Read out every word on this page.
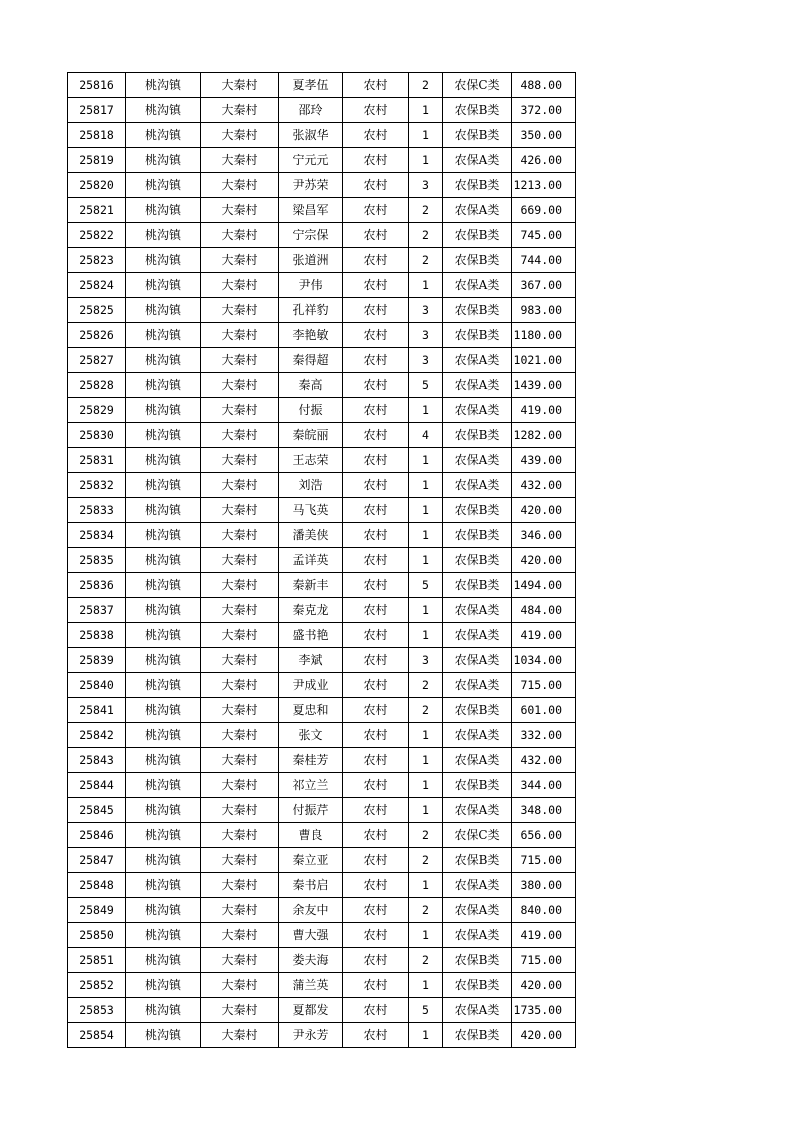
25816	桃沟镇	大秦村	夏孝伍	农村	2	农保C类	488.00
25817	桃沟镇	大秦村	邵玲	农村	1	农保B类	372.00
25818	桃沟镇	大秦村	张淑华	农村	1	农保B类	350.00
25819	桃沟镇	大秦村	宁元元	农村	1	农保A类	426.00
25820	桃沟镇	大秦村	尹苏荣	农村	3	农保B类	1213.00
25821	桃沟镇	大秦村	梁昌军	农村	2	农保A类	669.00
25822	桃沟镇	大秦村	宁宗保	农村	2	农保B类	745.00
25823	桃沟镇	大秦村	张道洲	农村	2	农保B类	744.00
25824	桃沟镇	大秦村	尹伟	农村	1	农保A类	367.00
25825	桃沟镇	大秦村	孔祥豹	农村	3	农保B类	983.00
25826	桃沟镇	大秦村	李艳敏	农村	3	农保B类	1180.00
25827	桃沟镇	大秦村	秦得超	农村	3	农保A类	1021.00
25828	桃沟镇	大秦村	秦高	农村	5	农保A类	1439.00
25829	桃沟镇	大秦村	付振	农村	1	农保A类	419.00
25830	桃沟镇	大秦村	秦皖丽	农村	4	农保B类	1282.00
25831	桃沟镇	大秦村	王志荣	农村	1	农保A类	439.00
25832	桃沟镇	大秦村	刘浩	农村	1	农保A类	432.00
25833	桃沟镇	大秦村	马飞英	农村	1	农保B类	420.00
25834	桃沟镇	大秦村	潘美侠	农村	1	农保B类	346.00
25835	桃沟镇	大秦村	孟详英	农村	1	农保B类	420.00
25836	桃沟镇	大秦村	秦新丰	农村	5	农保B类	1494.00
25837	桃沟镇	大秦村	秦克龙	农村	1	农保A类	484.00
25838	桃沟镇	大秦村	盛书艳	农村	1	农保A类	419.00
25839	桃沟镇	大秦村	李斌	农村	3	农保A类	1034.00
25840	桃沟镇	大秦村	尹成业	农村	2	农保A类	715.00
25841	桃沟镇	大秦村	夏忠和	农村	2	农保B类	601.00
25842	桃沟镇	大秦村	张文	农村	1	农保A类	332.00
25843	桃沟镇	大秦村	秦桂芳	农村	1	农保A类	432.00
25844	桃沟镇	大秦村	祁立兰	农村	1	农保B类	344.00
25845	桃沟镇	大秦村	付振芹	农村	1	农保A类	348.00
25846	桃沟镇	大秦村	曹良	农村	2	农保C类	656.00
25847	桃沟镇	大秦村	秦立亚	农村	2	农保B类	715.00
25848	桃沟镇	大秦村	秦书启	农村	1	农保A类	380.00
25849	桃沟镇	大秦村	余友中	农村	2	农保A类	840.00
25850	桃沟镇	大秦村	曹大强	农村	1	农保A类	419.00
25851	桃沟镇	大秦村	娄夫海	农村	2	农保B类	715.00
25852	桃沟镇	大秦村	蒲兰英	农村	1	农保B类	420.00
25853	桃沟镇	大秦村	夏都发	农村	5	农保A类	1735.00
25854	桃沟镇	大秦村	尹永芳	农村	1	农保B类	420.00
